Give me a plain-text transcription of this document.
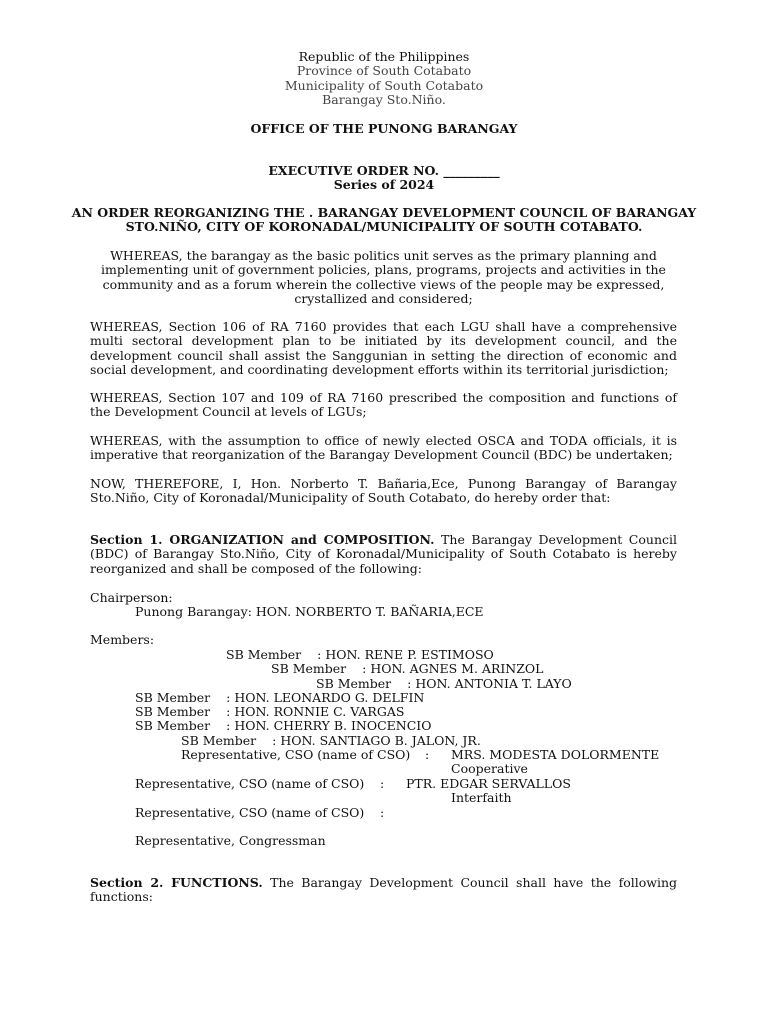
Republic of the Philippines
Province of South Cotabato
Municipality of South Cotabato
Barangay Sto.Niño.
OFFICE OF THE PUNONG BARANGAY
EXECUTIVE ORDER NO. _________
Series of 2024
AN ORDER REORGANIZING THE . BARANGAY DEVELOPMENT COUNCIL OF BARANGAY
STO.NIÑO, CITY OF KORONADAL/MUNICIPALITY OF SOUTH COTABATO.
WHEREAS, the barangay as the basic politics unit serves as the primary planning and implementing unit of government policies, plans, programs, projects and activities in the community and as a forum wherein the collective views of the people may be expressed, crystallized and considered;
WHEREAS, Section 106 of RA 7160 provides that each LGU shall have a comprehensive multi sectoral development plan to be initiated by its development council, and the development council shall assist the Sanggunian in setting the direction of economic and social development, and coordinating development efforts within its territorial jurisdiction;
WHEREAS, Section 107 and 109 of RA 7160 prescribed the composition and functions of the Development Council at levels of LGUs;
WHEREAS, with the assumption to office of newly elected OSCA and TODA officials, it is imperative that reorganization of the Barangay Development Council (BDC) be undertaken;
NOW, THEREFORE, I, Hon. Norberto T. Bañaria,Ece, Punong Barangay of Barangay Sto.Niño, City of Koronadal/Municipality of South Cotabato, do hereby order that:
Section 1. ORGANIZATION and COMPOSITION. The Barangay Development Council (BDC) of Barangay Sto.Niño, City of Koronadal/Municipality of South Cotabato is hereby reorganized and shall be composed of the following:
Chairperson:
Punong Barangay: HON. NORBERTO T. BAÑARIA,ECE
Members:
SB Member : HON. RENE P. ESTIMOSO
SB Member : HON. AGNES M. ARINZOL
SB Member : HON. ANTONIA T. LAYO
SB Member : HON. LEONARDO G. DELFIN
SB Member : HON. RONNIE C. VARGAS
SB Member : HON. CHERRY B. INOCENCIO
SB Member : HON. SANTIAGO B. JALON, JR.
Representative, CSO (name of CSO) : MRS. MODESTA DOLORMENTE
Cooperative
Representative, CSO (name of CSO) : PTR. EDGAR SERVALLOS
Interfaith
Representative, CSO (name of CSO) :
Representative, Congressman
Section 2. FUNCTIONS. The Barangay Development Council shall have the following functions:
